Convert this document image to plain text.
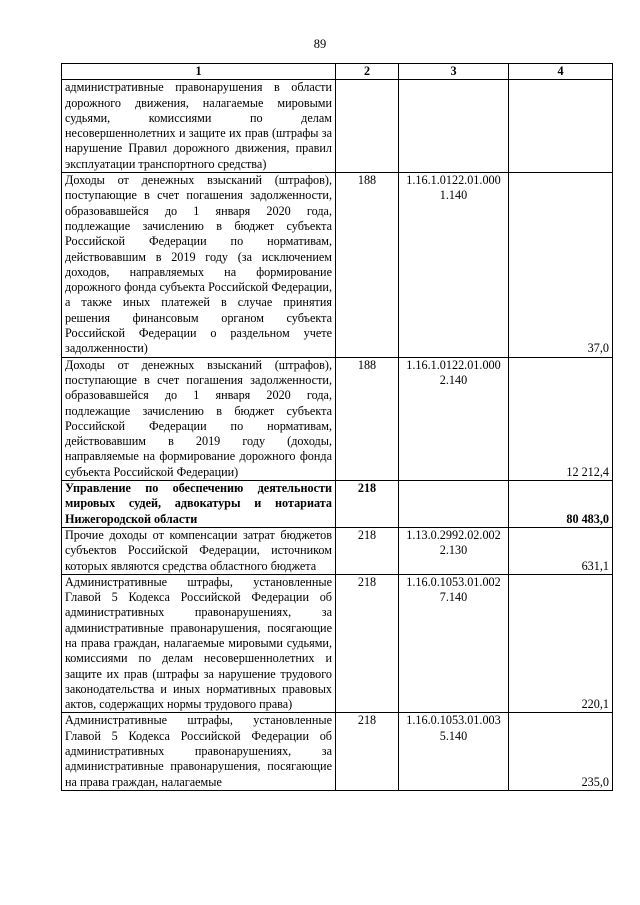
89
1	2	3	4
административные правонарушения в области дорожного движения, налагаемые мировыми судьями, комиссиями по делам несовершеннолетних и защите их прав (штрафы за нарушение Правил дорожного движения, правил эксплуатации транспортного средства)			
Доходы от денежных взысканий (штрафов), поступающие в счет погашения задолженности, образовавшейся до 1 января 2020 года, подлежащие зачислению в бюджет субъекта Российской Федерации по нормативам, действовавшим в 2019 году (за исключением доходов, направляемых на формирование дорожного фонда субъекта Российской Федерации, а также иных платежей в случае принятия решения финансовым органом субъекта Российской Федерации о раздельном учете задолженности)	188	1.16.1.0122.01.0001.140	37,0
Доходы от денежных взысканий (штрафов), поступающие в счет погашения задолженности, образовавшейся до 1 января 2020 года, подлежащие зачислению в бюджет субъекта Российской Федерации по нормативам, действовавшим в 2019 году (доходы, направляемые на формирование дорожного фонда субъекта Российской Федерации)	188	1.16.1.0122.01.0002.140	12 212,4
Управление по обеспечению деятельности мировых судей, адвокатуры и нотариата Нижегородской области	218		80 483,0
Прочие доходы от компенсации затрат бюджетов субъектов Российской Федерации, источником которых являются средства областного бюджета	218	1.13.0.2992.02.0022.130	631,1
Административные штрафы, установленные Главой 5 Кодекса Российской Федерации об административных правонарушениях, за административные правонарушения, посягающие на права граждан, налагаемые мировыми судьями, комиссиями по делам несовершеннолетних и защите их прав (штрафы за нарушение трудового законодательства и иных нормативных правовых актов, содержащих нормы трудового права)	218	1.16.0.1053.01.0027.140	220,1
Административные штрафы, установленные Главой 5 Кодекса Российской Федерации об административных правонарушениях, за административные правонарушения, посягающие на права граждан, налагаемые	218	1.16.0.1053.01.0035.140	235,0
